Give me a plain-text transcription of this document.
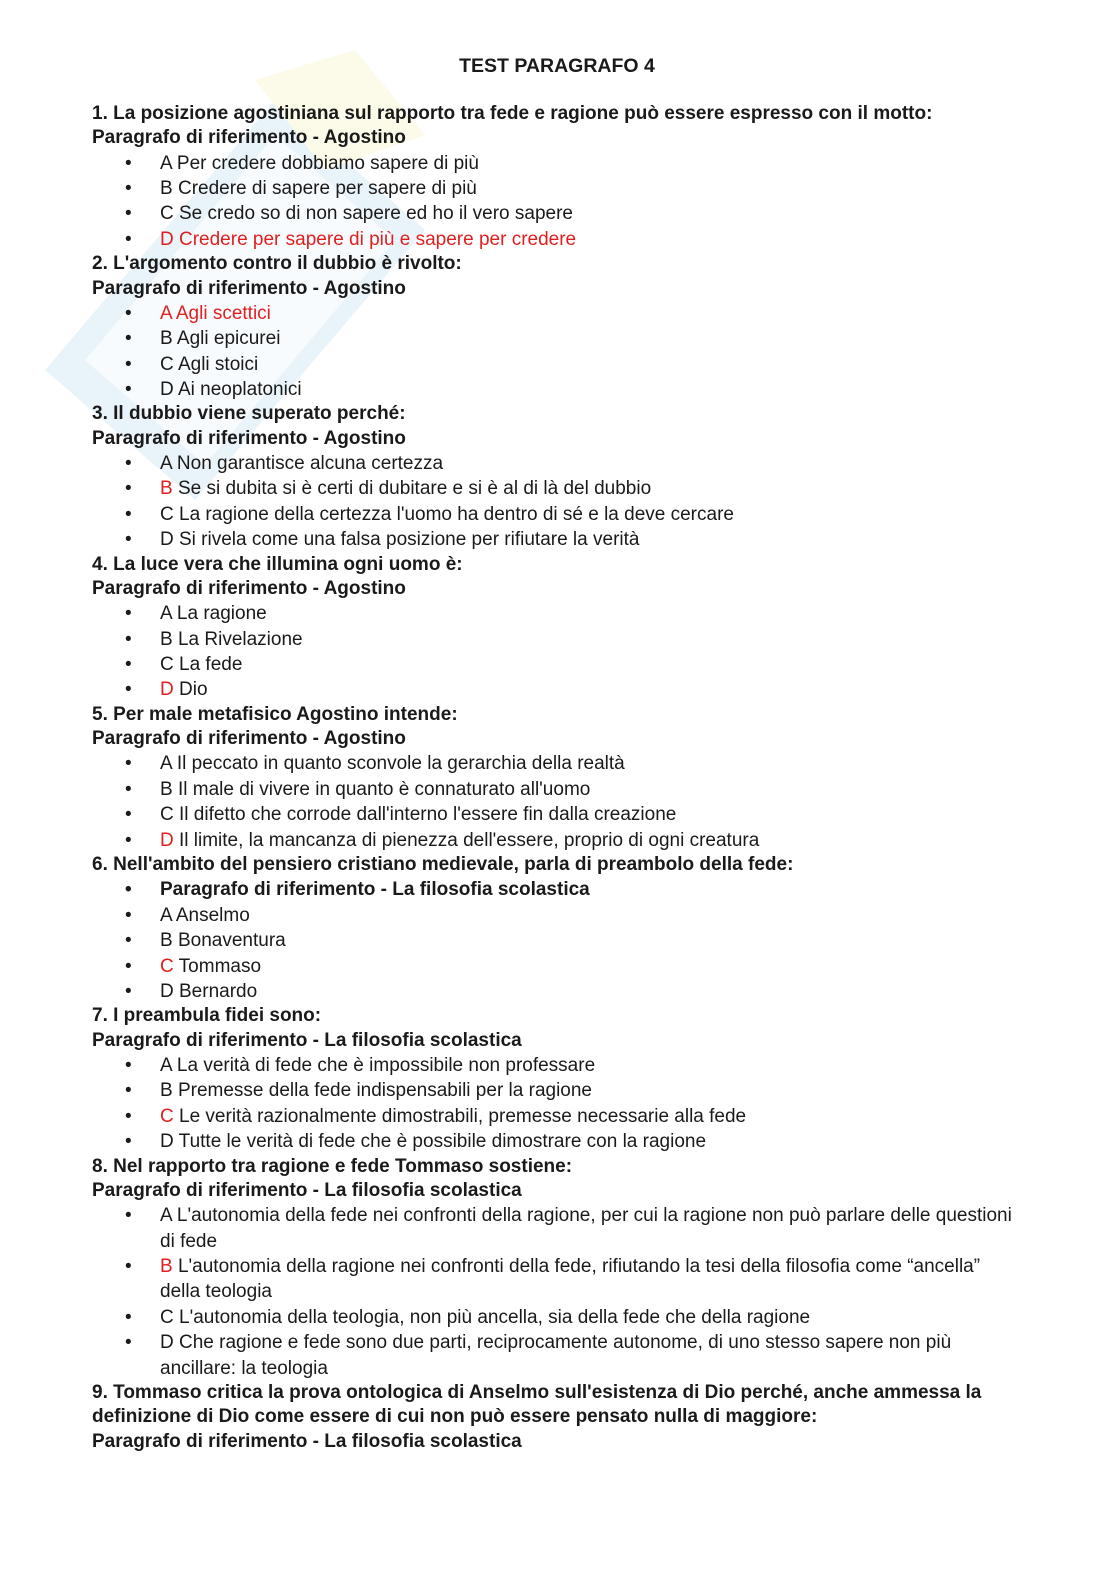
TEST PARAGRAFO 4

1. La posizione agostiniana sul rapporto tra fede e ragione può essere espresso con il motto:

Paragrafo di riferimento - Agostino

• A Per credere dobbiamo sapere di più
• B Credere di sapere per sapere di più
• C Se credo so di non sapere ed ho il vero sapere
• D Credere per sapere di più e sapere per credere

2. L'argomento contro il dubbio è rivolto:

Paragrafo di riferimento - Agostino

• A Agli scettici
• B Agli epicurei
• C Agli stoici
• D Ai neoplatonici

3. Il dubbio viene superato perché:

Paragrafo di riferimento - Agostino

• A Non garantisce alcuna certezza
• B Se si dubita si è certi di dubitare e si è al di là del dubbio
• C La ragione della certezza l'uomo ha dentro di sé e la deve cercare
• D Si rivela come una falsa posizione per rifiutare la verità

4. La luce vera che illumina ogni uomo è:

Paragrafo di riferimento - Agostino

• A La ragione
• B La Rivelazione
• C La fede
• D Dio

5. Per male metafisico Agostino intende:

Paragrafo di riferimento - Agostino

• A Il peccato in quanto sconvole la gerarchia della realtà
• B Il male di vivere in quanto è connaturato all'uomo
• C Il difetto che corrode dall'interno l'essere fin dalla creazione
• D Il limite, la mancanza di pienezza dell'essere, proprio di ogni creatura

6. Nell'ambito del pensiero cristiano medievale, parla di preambolo della fede:

• Paragrafo di riferimento - La filosofia scolastica
• A Anselmo
• B Bonaventura
• C Tommaso
• D Bernardo

7. I preambula fidei sono:

Paragrafo di riferimento - La filosofia scolastica

• A La verità di fede che è impossibile non professare
• B Premesse della fede indispensabili per la ragione
• C Le verità razionalmente dimostrabili, premesse necessarie alla fede
• D Tutte le verità di fede che è possibile dimostrare con la ragione

8. Nel rapporto tra ragione e fede Tommaso sostiene:

Paragrafo di riferimento - La filosofia scolastica

• A L'autonomia della fede nei confronti della ragione, per cui la ragione non può parlare delle questioni di fede
• B L'autonomia della ragione nei confronti della fede, rifiutando la tesi della filosofia come “ancella” della teologia
• C L'autonomia della teologia, non più ancella, sia della fede che della ragione
• D Che ragione e fede sono due parti, reciprocamente autonome, di uno stesso sapere non più ancillare: la teologia

9. Tommaso critica la prova ontologica di Anselmo sull'esistenza di Dio perché, anche ammessa la definizione di Dio come essere di cui non può essere pensato nulla di maggiore:

Paragrafo di riferimento - La filosofia scolastica
